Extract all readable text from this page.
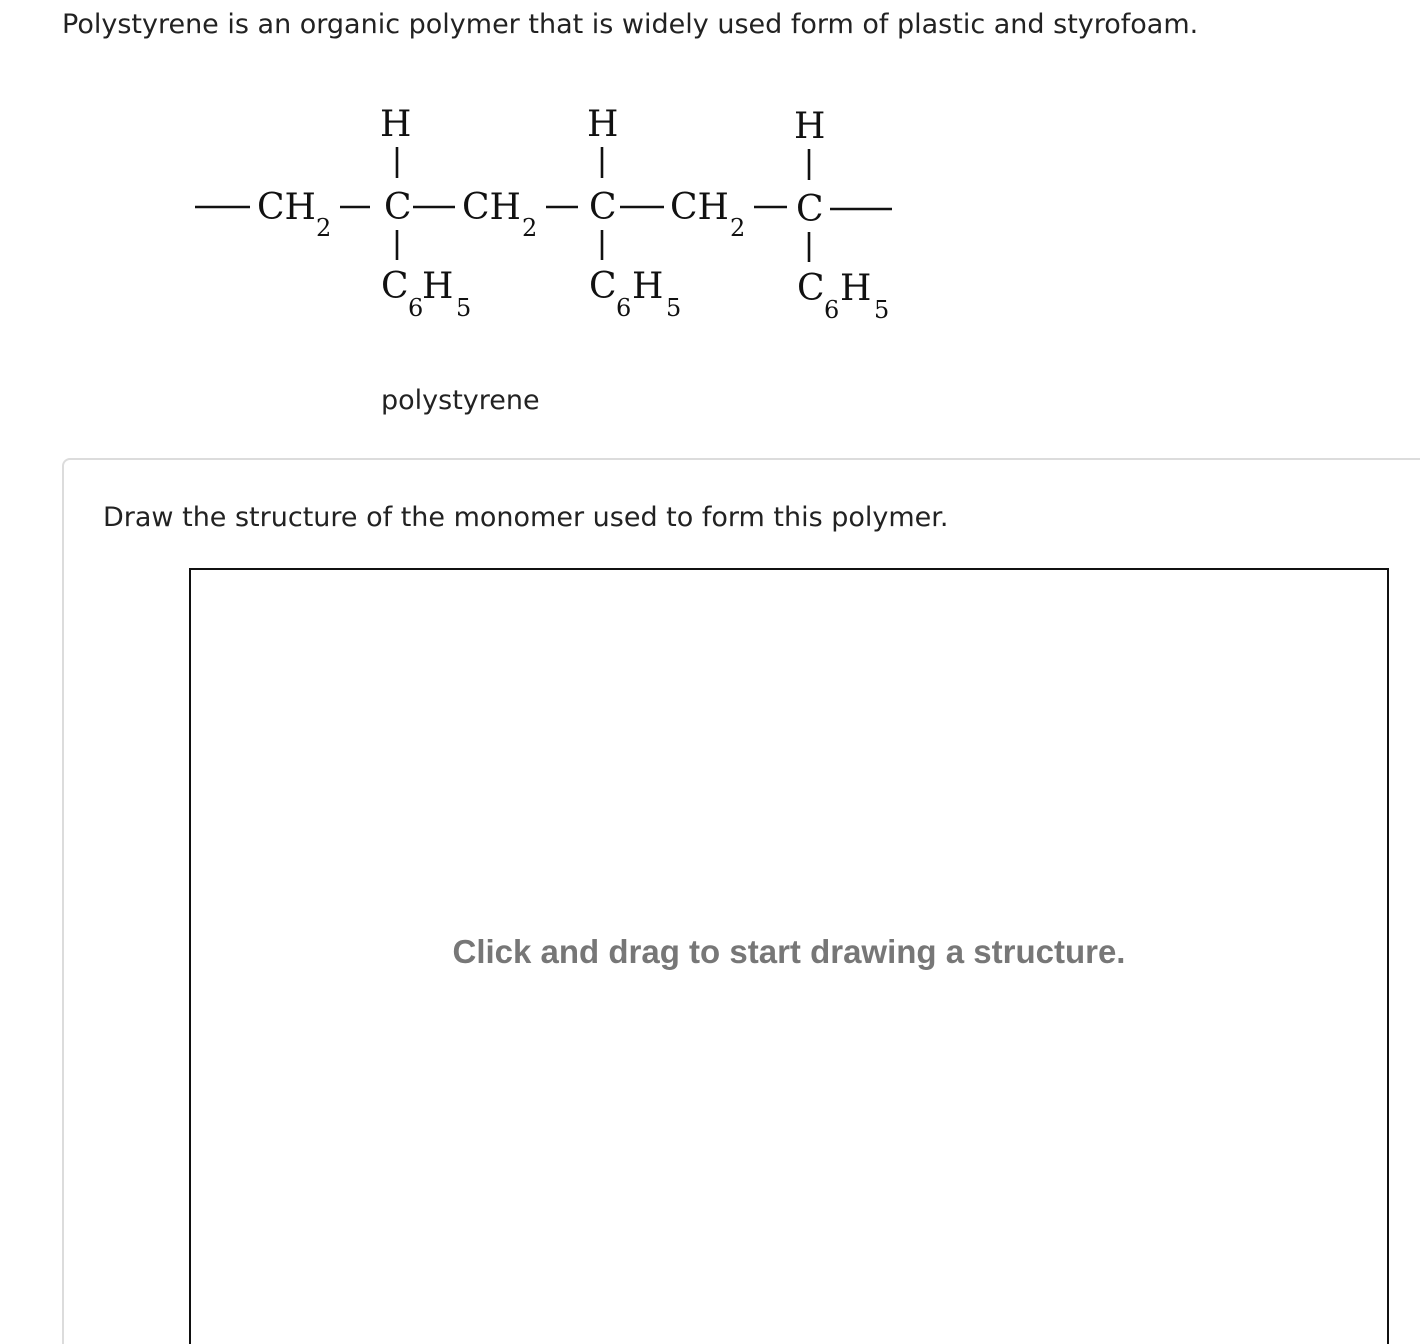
Polystyrene is an organic polymer that is widely used form of plastic and styrofoam.
CH 2
H
C
C
6
H
5
CH 2
H
C
C
6
H
5
CH 2
H
C
C
6
H
5
polystyrene
Draw the structure of the monomer used to form this polymer.
Click and drag to start drawing a structure.
